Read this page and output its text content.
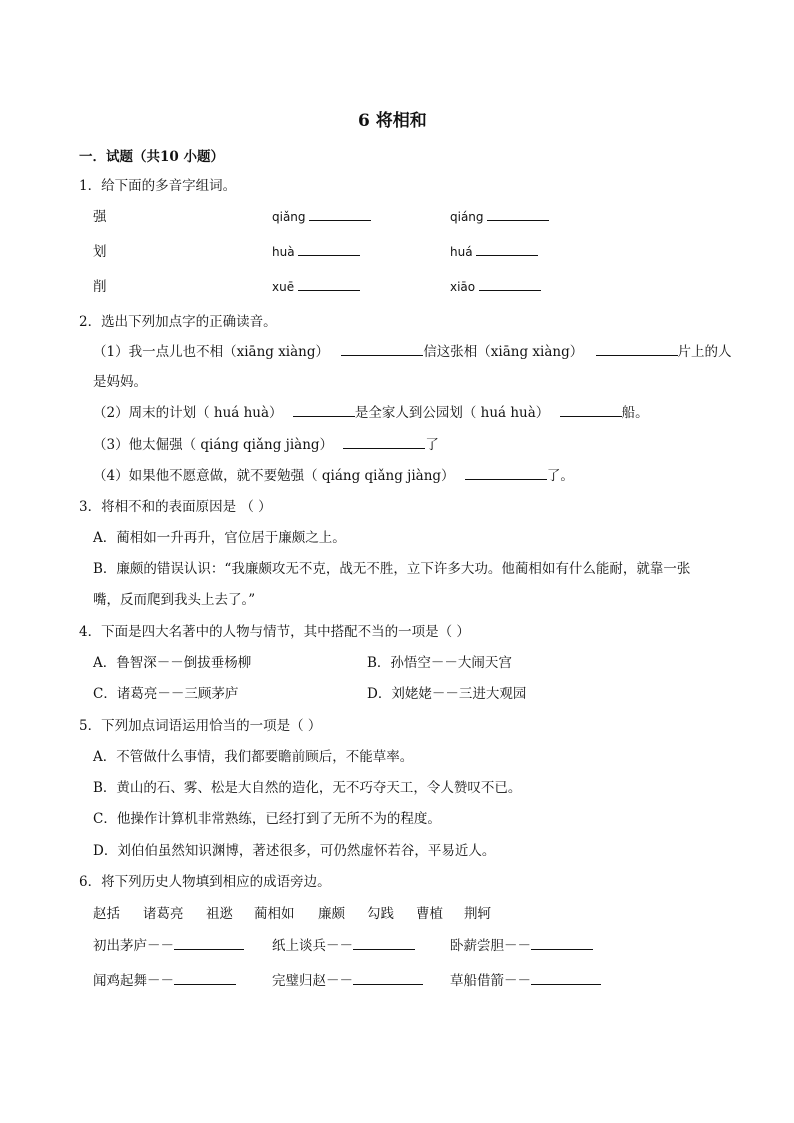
6 将相和
一．试题（共10 小题）
1．给下面的多音字组词。
强	qiǎng	qiáng
划	huà	huá
削	xuē	xiāo
2．选出下列加点字的正确读音。
（1）我一点儿也不相（xiāng xiàng）	信这张相（xiāng xiàng）	片上的人
是妈妈。
（2）周末的计划（ huá huà）	是全家人到公园划（ huá huà）	船。
（3）他太倔强（ qiáng qiǎng jiàng）	了
（4）如果他不愿意做，就不要勉强（ qiáng qiǎng jiàng）	了。
3．将相不和的表面原因是 （ ）
A．蔺相如一升再升，官位居于廉颇之上。
B．廉颇的错误认识：“我廉颇攻无不克，战无不胜，立下许多大功。他蔺相如有什么能耐，就靠一张
嘴，反而爬到我头上去了。”
4．下面是四大名著中的人物与情节，其中搭配不当的一项是（ ）
A．鲁智深－－倒拔垂杨柳	B．孙悟空－－大闹天宫
C．诸葛亮－－三顾茅庐	D．刘姥姥－－三进大观园
5．下列加点词语运用恰当的一项是（ ）
A．不管做什么事情，我们都要瞻前顾后，不能草率。
B．黄山的石、雾、松是大自然的造化，无不巧夺天工，令人赞叹不已。
C．他操作计算机非常熟练，已经打到了无所不为的程度。
D．刘伯伯虽然知识渊博，著述很多，可仍然虚怀若谷，平易近人。
6．将下列历史人物填到相应的成语旁边。
赵括 诸葛亮 祖逖 蔺相如 廉颇 勾践 曹植 荆轲
初出茅庐－－	纸上谈兵－－	卧薪尝胆－－
闻鸡起舞－－	完璧归赵－－	草船借箭－－
